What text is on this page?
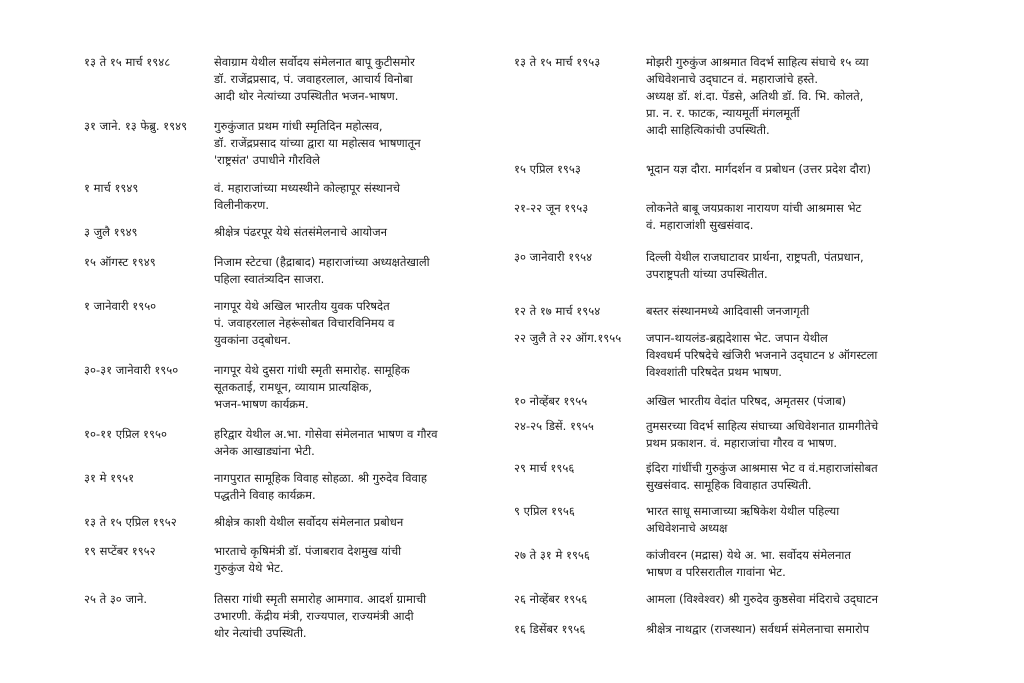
१३ ते १५ मार्च १९४८	सेवाग्राम येथील सर्वोदय संमेलनात बापू कुटीसमोर
डॉ. राजेंद्रप्रसाद, पं. जवाहरलाल, आचार्य विनोबा
आदी थोर नेत्यांच्या उपस्थितीत भजन-भाषण.
३१ जाने. १३ फेब्रु. १९४९ गुरुकुंजात प्रथम गांधी स्मृतिदिन महोत्सव,
डॉ. राजेंद्रप्रसाद यांच्या द्वारा या महोत्सव भाषणातून
'राष्ट्रसंत' उपाधीने गौरविले
१ मार्च १९४९	वं. महाराजांच्या मध्यस्थीने कोल्हापूर संस्थानचे
विलीनीकरण.
३ जुलै १९४९	श्रीक्षेत्र पंढरपूर येथे संतसंमेलनाचे आयोजन
१५ ऑगस्ट १९४९	निजाम स्टेटचा (हैद्राबाद) महाराजांच्या अध्यक्षतेखाली
पहिला स्वातंत्र्यदिन साजरा.
१ जानेवारी १९५०	नागपूर येथे अखिल भारतीय युवक परिषदेत
पं. जवाहरलाल नेहरूंसोबत विचारविनिमय व
युवकांना उद्‌बोधन.
३०-३१ जानेवारी १९५०	नागपूर येथे दुसरा गांधी स्मृती समारोह. सामूहिक
सूतकताई, रामधून, व्यायाम प्रात्यक्षिक,
भजन-भाषण कार्यक्रम.
१०-११ एप्रिल १९५०	हरिद्वार येथील अ.भा. गोसेवा संमेलनात भाषण व गौरव
अनेक आखाड्यांना भेटी.
३१ मे १९५१	नागपुरात सामूहिक विवाह सोहळा. श्री गुरुदेव विवाह
पद्धतीने विवाह कार्यक्रम.
१३ ते १५ एप्रिल १९५२	श्रीक्षेत्र काशी येथील सर्वोदय संमेलनात प्रबोधन
१९ सप्टेंबर १९५२	भारताचे कृषिमंत्री डॉ. पंजाबराव देशमुख यांची
गुरुकुंज येथे भेट.
२५ ते ३० जाने.	तिसरा गांधी स्मृती समारोह आमगाव. आदर्श ग्रामाची
उभारणी. केंद्रीय मंत्री, राज्यपाल, राज्यमंत्री आदी
थोर नेत्यांची उपस्थिती.
१३ ते १५ मार्च १९५३	मोझरी गुरुकुंज आश्रमात विदर्भ साहित्य संघाचे १५ व्या
अधिवेशनाचे उद्‌घाटन वं. महाराजांचे हस्ते.
अध्यक्ष डॉ. शं.दा. पेंडसे, अतिथी डॉ. वि. भि. कोलते,
प्रा. न. र. फाटक, न्यायमूर्ती मंगलमूर्ती
आदी साहित्यिकांची उपस्थिती.
१५ एप्रिल १९५३	भूदान यज्ञ दौरा. मार्गदर्शन व प्रबोधन (उत्तर प्रदेश दौरा)
२१-२२ जून १९५३	लोकनेते बाबू जयप्रकाश नारायण यांची आश्रमास भेट
वं. महाराजांशी सुखसंवाद.
३० जानेवारी १९५४	दिल्ली येथील राजघाटावर प्रार्थना, राष्ट्रपती, पंतप्रधान,
उपराष्ट्रपती यांच्या उपस्थितीत.
१२ ते १७ मार्च १९५४	बस्तर संस्थानमध्ये आदिवासी जनजागृती
२२ जुलै ते २२ ऑग.१९५५ जपान-थायलंड-ब्रह्मदेशास भेट. जपान येथील
विश्वधर्म परिषदेचे खंजिरी भजनाने उद्‌घाटन ४ ऑगस्टला
विश्वशांती परिषदेत प्रथम भाषण.
१० नोव्हेंबर १९५५	अखिल भारतीय वेदांत परिषद, अमृतसर (पंजाब)
२४-२५ डिसें. १९५५	तुमसरच्या विदर्भ साहित्य संघाच्या अधिवेशनात ग्रामगीतेचे
प्रथम प्रकाशन. वं. महाराजांचा गौरव व भाषण.
२९ मार्च १९५६	इंदिरा गांधींची गुरुकुंज आश्रमास भेट व वं.महाराजांसोबत
सुखसंवाद. सामूहिक विवाहात उपस्थिती.
९ एप्रिल १९५६	भारत साधू समाजाच्या ऋषिकेश येथील पहिल्या
अधिवेशनाचे अध्यक्ष
२७ ते ३१ मे १९५६	कांजीवरन (मद्रास) येथे अ. भा. सर्वोदय संमेलनात
भाषण व परिसरातील गावांना भेट.
२६ नोव्हेंबर १९५६	आमला (विश्वेश्वर) श्री गुरुदेव कुष्ठसेवा मंदिराचे उद्‌घाटन
१६ डिसेंबर १९५६	श्रीक्षेत्र नाथद्वार (राजस्थान) सर्वधर्म संमेलनाचा समारोप
